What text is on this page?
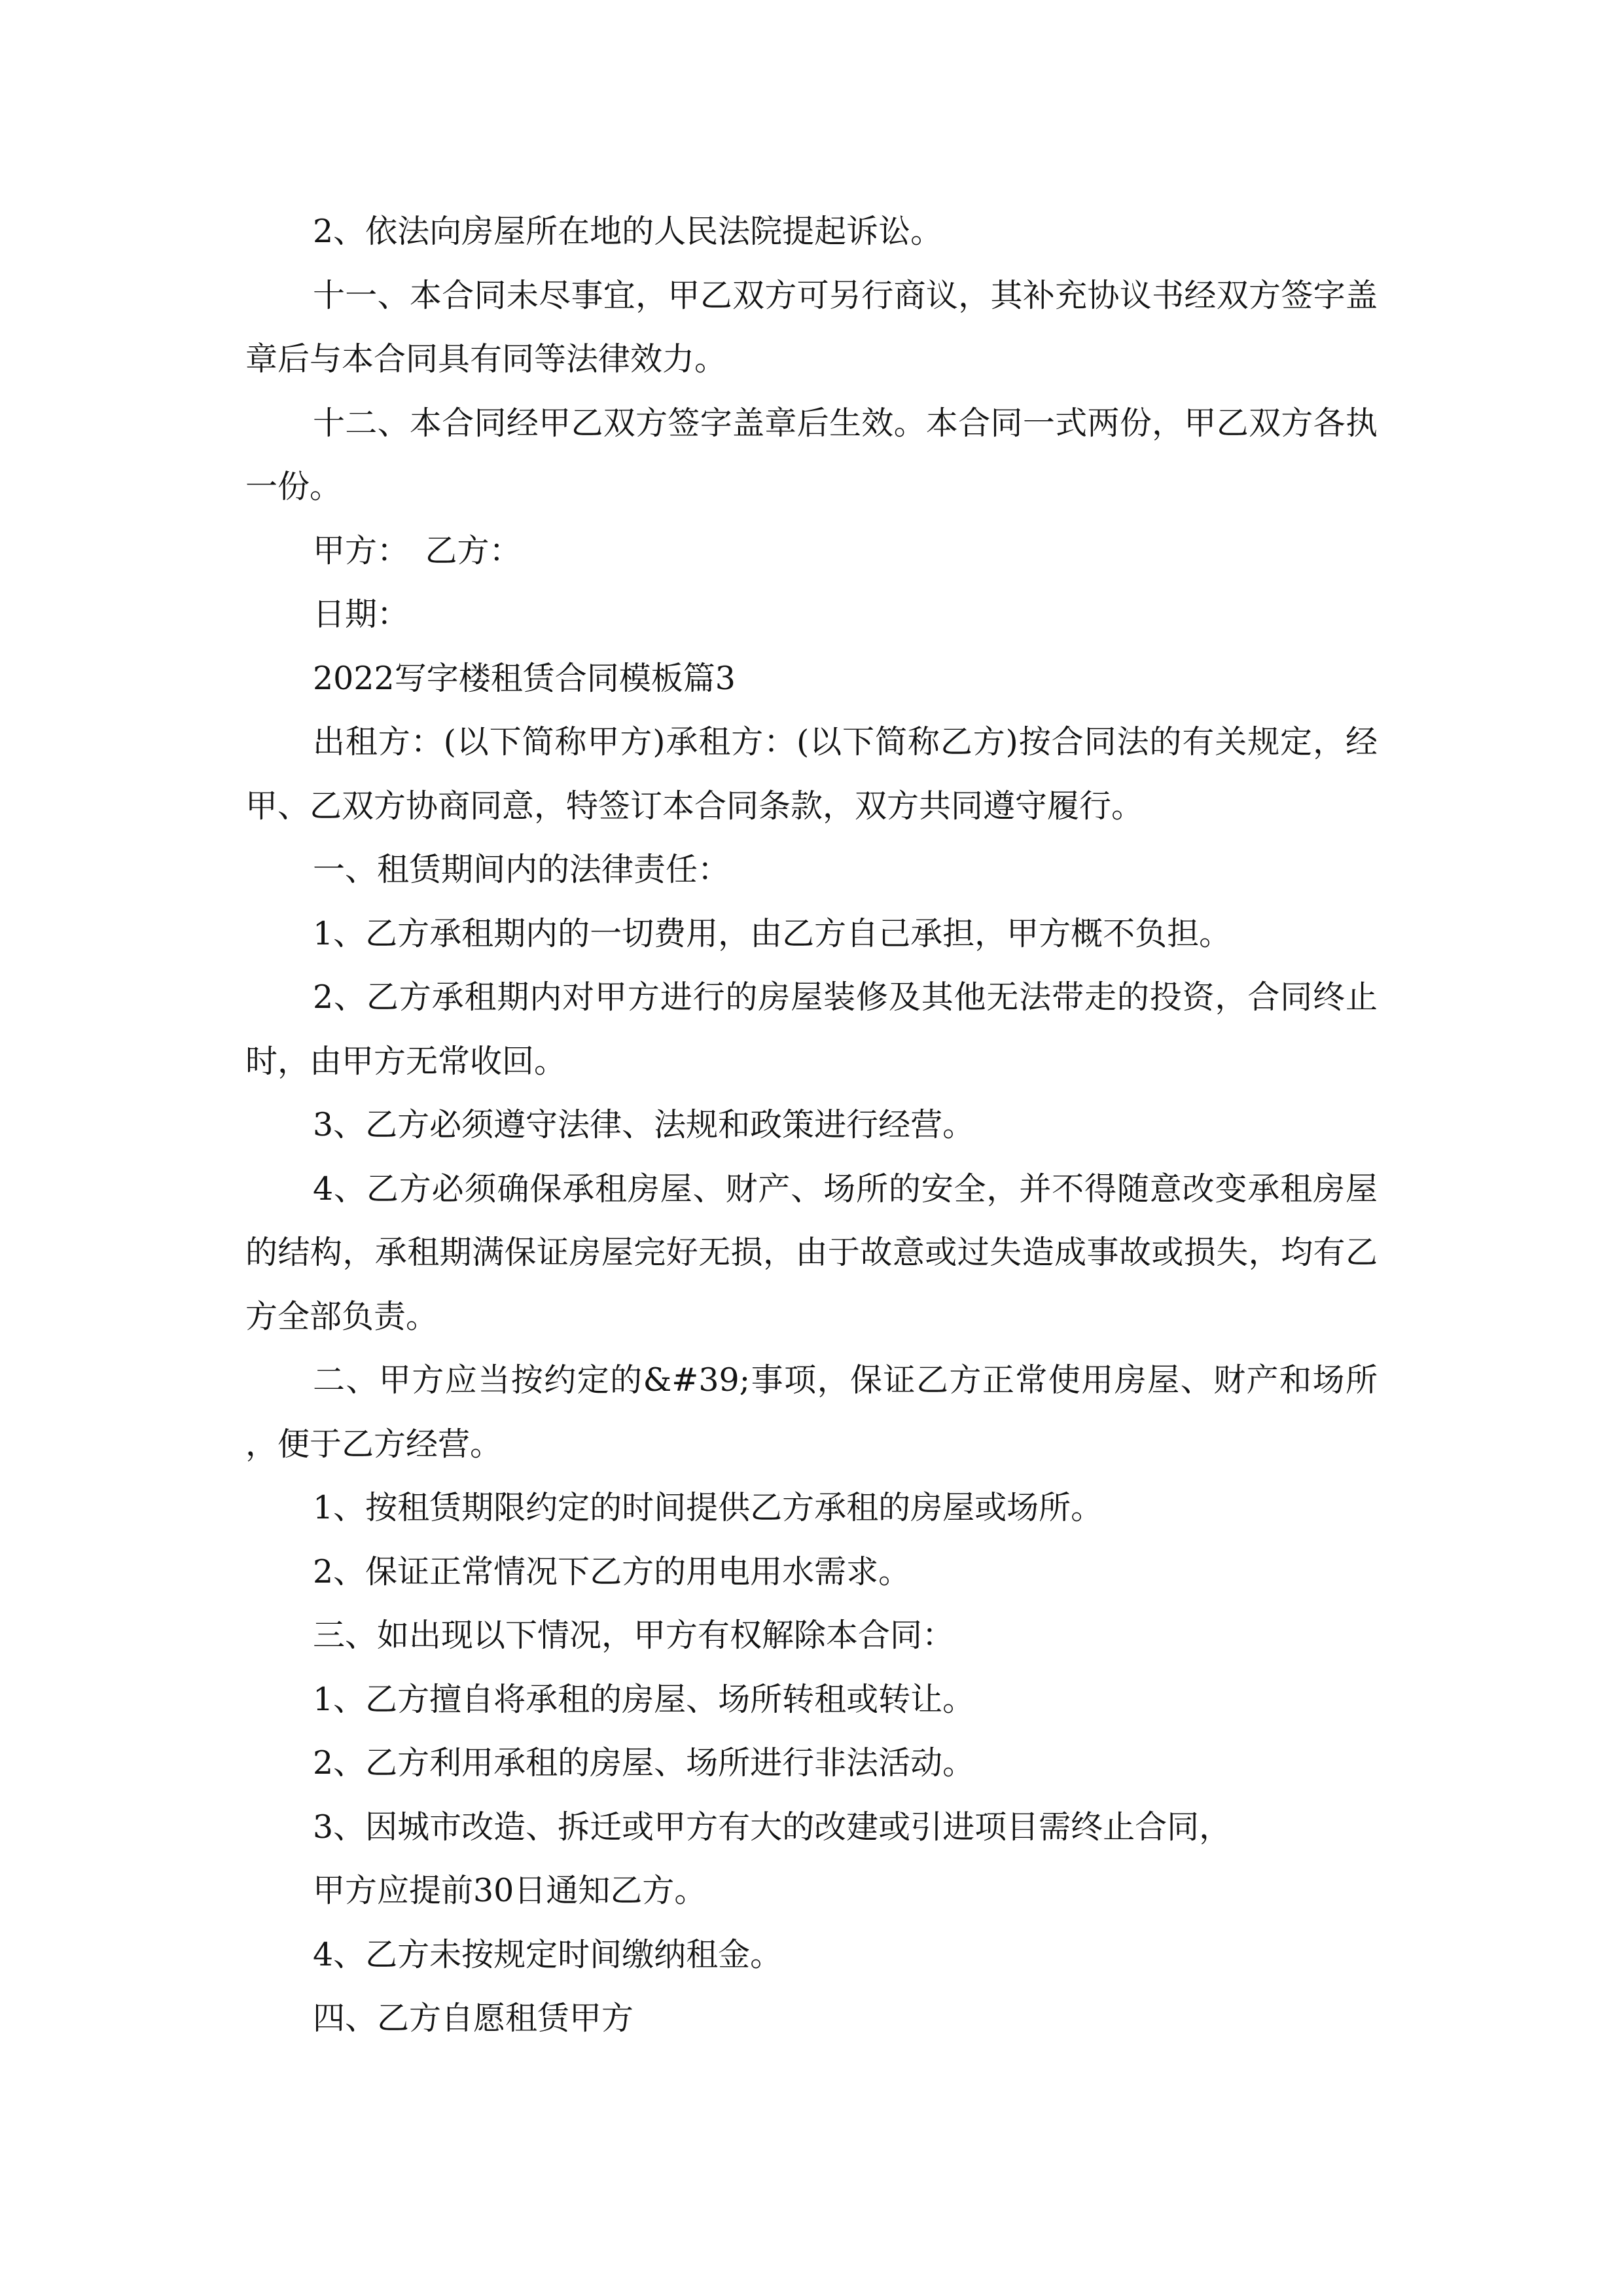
2、依法向房屋所在地的人民法院提起诉讼。

十一、本合同未尽事宜，甲乙双方可另行商议，其补充协议书经双方签字盖章后与本合同具有同等法律效力。

十二、本合同经甲乙双方签字盖章后生效。本合同一式两份，甲乙双方各执一份。

甲方：　乙方：

日期：

2022写字楼租赁合同模板篇3

出租方：(以下简称甲方)承租方：(以下简称乙方)按合同法的有关规定，经甲、乙双方协商同意，特签订本合同条款，双方共同遵守履行。

一、租赁期间内的法律责任：

1、乙方承租期内的一切费用，由乙方自己承担，甲方概不负担。

2、乙方承租期内对甲方进行的房屋装修及其他无法带走的投资，合同终止时，由甲方无常收回。

3、乙方必须遵守法律、法规和政策进行经营。

4、乙方必须确保承租房屋、财产、场所的安全，并不得随意改变承租房屋的结构，承租期满保证房屋完好无损，由于故意或过失造成事故或损失，均有乙方全部负责。

二、甲方应当按约定的&#39;事项，保证乙方正常使用房屋、财产和场所，便于乙方经营。

1、按租赁期限约定的时间提供乙方承租的房屋或场所。

2、保证正常情况下乙方的用电用水需求。

三、如出现以下情况，甲方有权解除本合同：

1、乙方擅自将承租的房屋、场所转租或转让。

2、乙方利用承租的房屋、场所进行非法活动。

3、因城市改造、拆迁或甲方有大的改建或引进项目需终止合同，

甲方应提前30日通知乙方。

4、乙方未按规定时间缴纳租金。

四、乙方自愿租赁甲方
